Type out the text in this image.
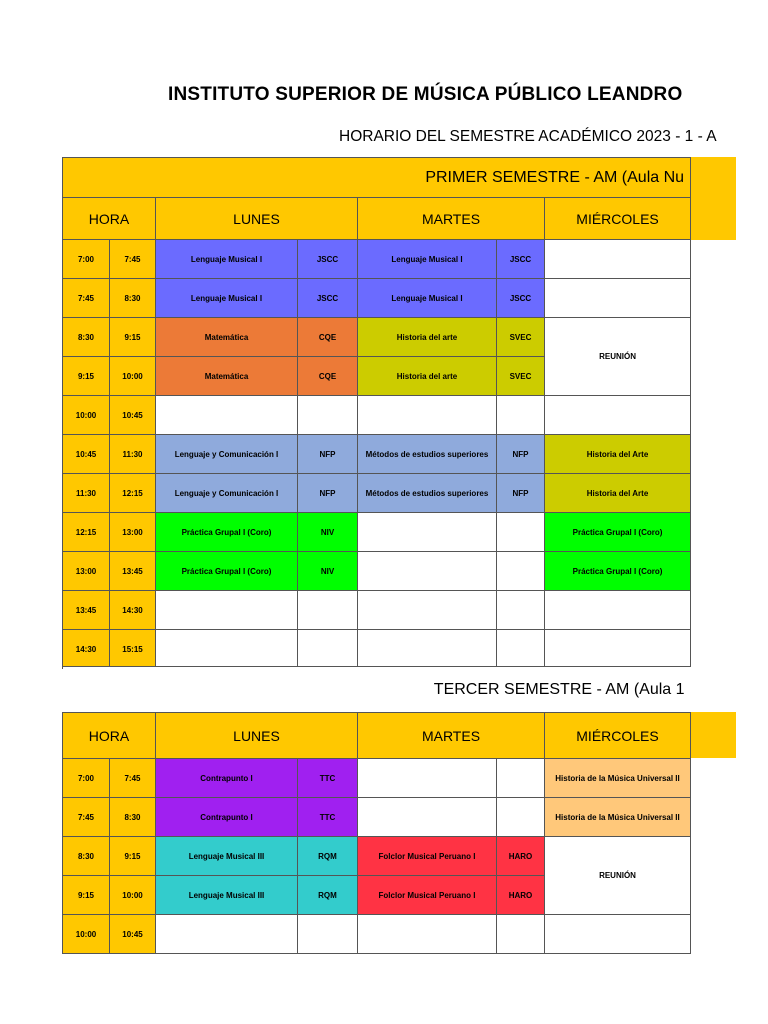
INSTITUTO SUPERIOR DE MÚSICA PÚBLICO LEANDRO
HORARIO DEL SEMESTRE ACADÉMICO 2023 - 1 - A
PRIMER SEMESTRE - AM (Aula Nu						
HORA		LUNES		MARTES		MIÉRCOLES
7:00	7:45	Lenguaje Musical I	JSCC	Lenguaje Musical I	JSCC	
7:45	8:30	Lenguaje Musical I	JSCC	Lenguaje Musical I	JSCC	
8:30	9:15	Matemática	CQE	Historia del arte	SVEC	REUNIÓN
9:15	10:00	Matemática	CQE	Historia del arte	SVEC	
10:00	10:45					
10:45	11:30	Lenguaje y Comunicación I	NFP	Métodos de estudios superiores	NFP	Historia del Arte
11:30	12:15	Lenguaje y Comunicación I	NFP	Métodos de estudios superiores	NFP	Historia del Arte
12:15	13:00	Práctica Grupal I (Coro)	NIV			Práctica Grupal I (Coro)
13:00	13:45	Práctica Grupal I (Coro)	NIV			Práctica Grupal I (Coro)
13:45	14:30					
14:30	15:15					
TERCER SEMESTRE - AM (Aula 1						
HORA		LUNES		MARTES		MIÉRCOLES
7:00	7:45	Contrapunto I	TTC			Historia de la Música Universal II
7:45	8:30	Contrapunto I	TTC			Historia de la Música Universal II
8:30	9:15	Lenguaje Musical III	RQM	Folclor Musical Peruano I	HARO	REUNIÓN
9:15	10:00	Lenguaje Musical III	RQM	Folclor Musical Peruano I	HARO	
10:00	10:45					
